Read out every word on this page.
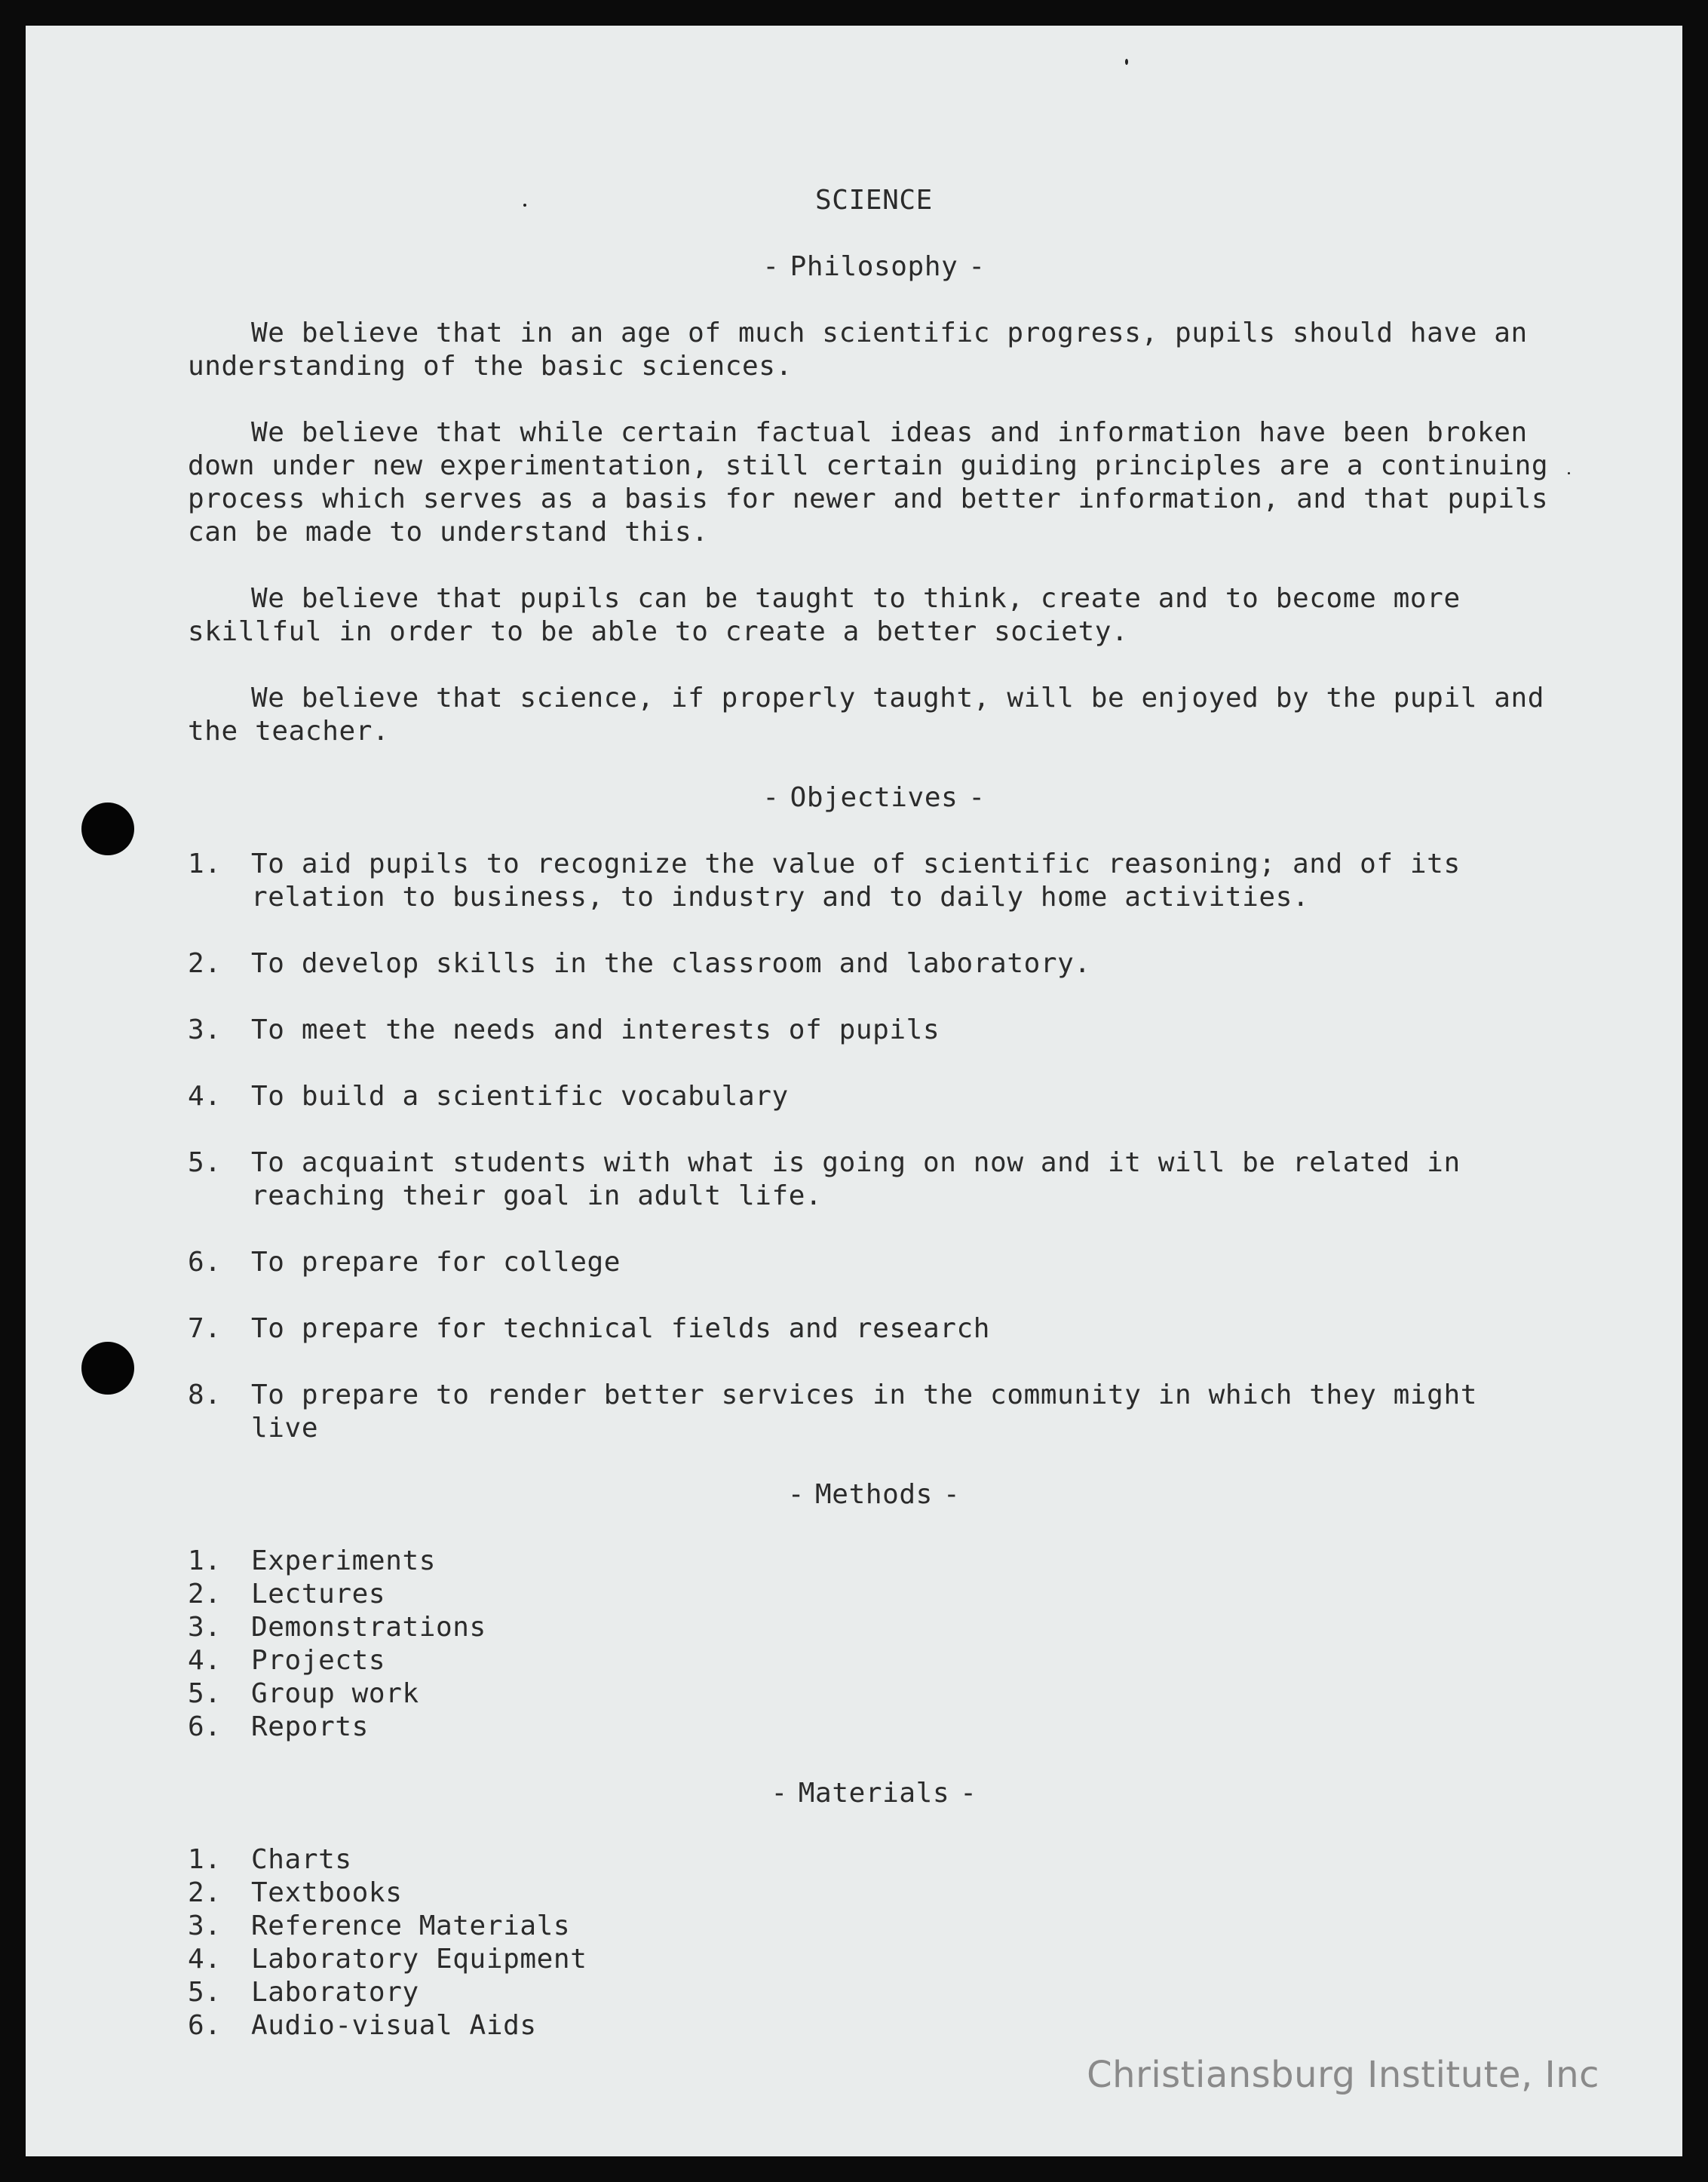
SCIENCE
- Philosophy -

We believe that in an age of much scientific progress, pupils should have an understanding of the basic sciences.

We believe that while certain factual ideas and information have been broken down under new experimentation, still certain guiding principles are a continuing process which serves as a basis for newer and better information, and that pupils can be made to understand this.

We believe that pupils can be taught to think, create and to become more skillful in order to be able to create a better society.

We believe that science, if properly taught, will be enjoyed by the pupil and the teacher.

- Objectives -
1.	To aid pupils to recognize the value of scientific reasoning; and of its relation to business, to industry and to daily home activities.
2.	To develop skills in the classroom and laboratory.
3.	To meet the needs and interests of pupils
4.	To build a scientific vocabulary
5.	To acquaint students with what is going on now and it will be related in reaching their goal in adult life.
6.	To prepare for college
7.	To prepare for technical fields and research
8.	To prepare to render better services in the community in which they might live
- Methods -
1.	Experiments
2.	Lectures
3.	Demonstrations
4.	Projects
5.	Group work
6.	Reports
- Materials -
1.	Charts
2.	Textbooks
3.	Reference Materials
4.	Laboratory Equipment
5.	Laboratory
6.	Audio-visual Aids
Christiansburg Institute, Inc
